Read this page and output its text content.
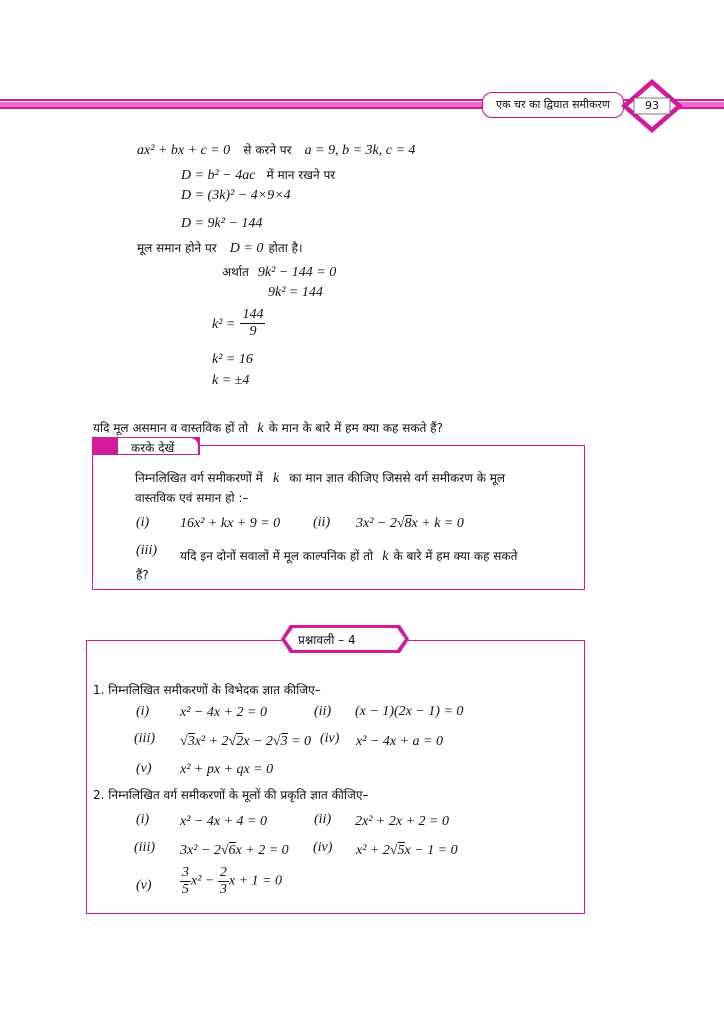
एक चर का द्विघात समीकरण	93
ax² + bx + c = 0 से करने पर a = 9, b = 3k, c = 4
D = b² − 4ac में मान रखने पर
D = (3k)² − 4×9×4
D = 9k² − 144
मूल समान होने पर D = 0 होता है।
अर्थात 9k² − 144 = 0
9k² = 144
$k^2 = \frac{144}{9}$
k² = 16
k = ±4
यदि मूल असमान व वास्तविक हों तो k के मान के बारे में हम क्या कह सकते हैं?
करके देखें
निम्नलिखित वर्ग समीकरणों में k का मान ज्ञात कीजिए जिससे वर्ग समीकरण के मूल
वास्तविक एवं समान हो :–
(i) 16x² + kx + 9 = 0 (ii) 3x² − 2√8x + k = 0
(iii) यदि इन दोनों सवालों में मूल काल्पनिक हों तो k के बारे में हम क्या कह सकते
हैं?
प्रश्नावली – 4
1. निम्नलिखित समीकरणों के विभेदक ज्ञात कीजिए–
(i) x² − 4x + 2 = 0	(ii) (x − 1)(2x − 1) = 0
(iii) √3x² + 2√2x − 2√3 = 0 (iv) x² − 4x + a = 0
(v) x² + px + qx = 0
2. निम्नलिखित वर्ग समीकरणों के मूलों की प्रकृति ज्ञात कीजिए–
(i) x² − 4x + 4 = 0	(ii) 2x² + 2x + 2 = 0
(iii) 3x² − 2√6x + 2 = 0 (iv) x² + 2√5x − 1 = 0
$(v) \frac{3}{5} x^2 - \frac{2}{3}$ x + 1 = 0
